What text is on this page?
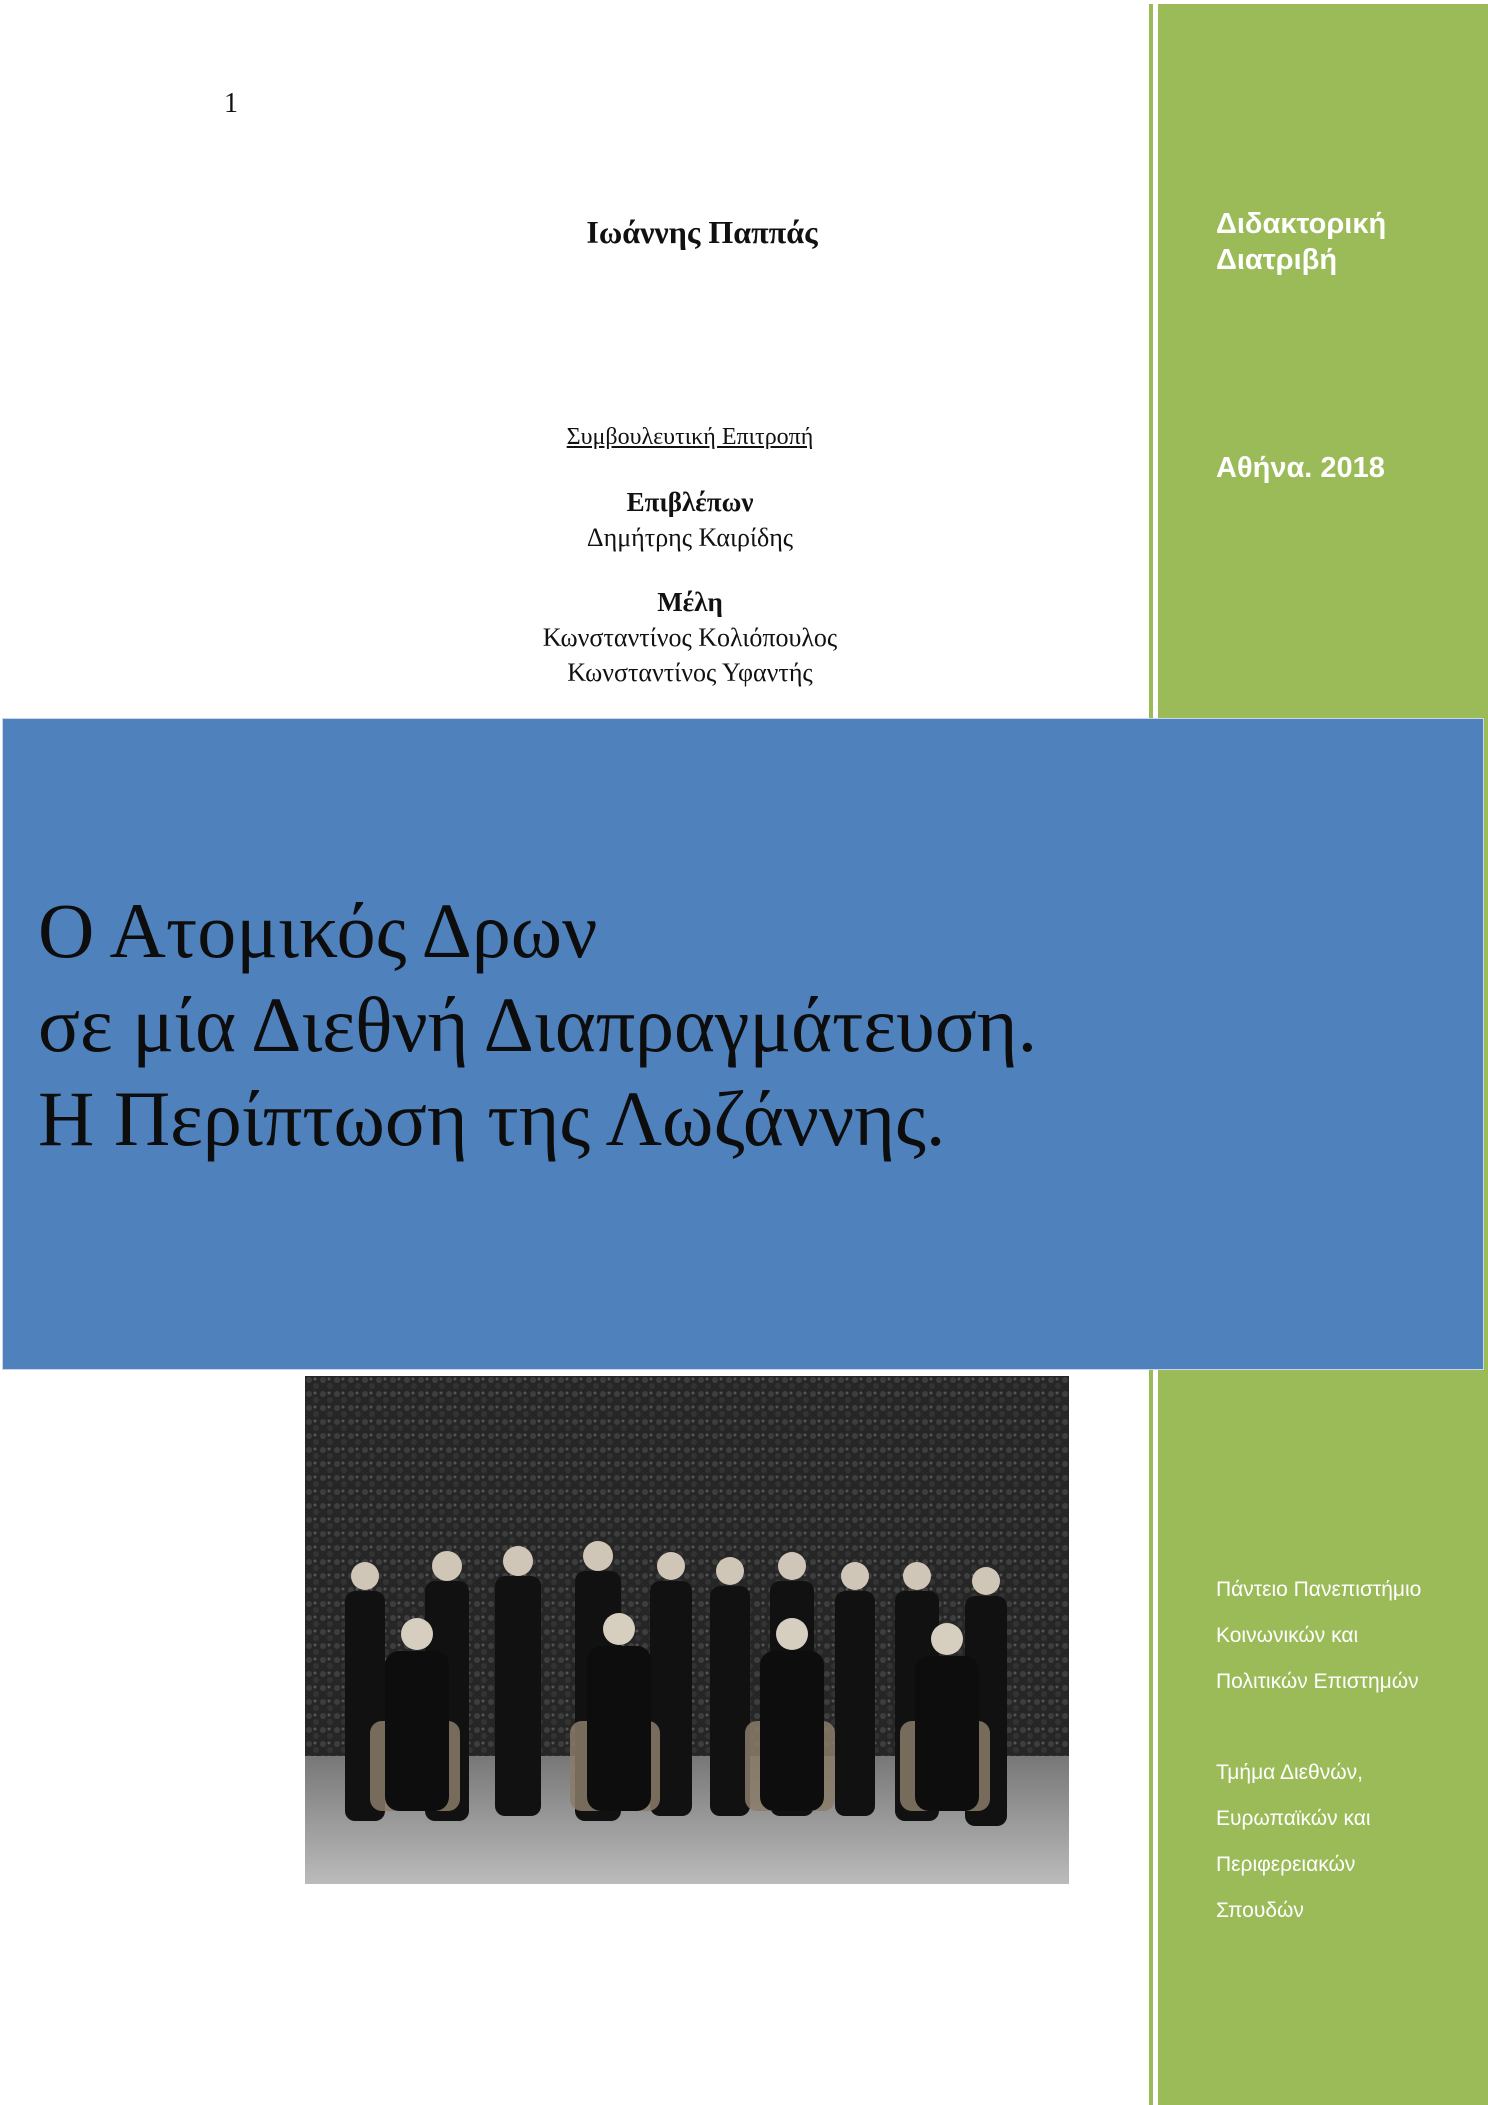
1
Διδακτορική Διατριβή
Αθήνα. 2018
Πάντειο Πανεπιστήμιο
Κοινωνικών και
Πολιτικών Επιστημών
Τμήμα Διεθνών,
Ευρωπαϊκών και
Περιφερειακών
Σπουδών
Ιωάννης Παππάς
Συμβουλευτική Επιτροπή
Επιβλέπων
Δημήτρης Καιρίδης
Μέλη
Κωνσταντίνος Κολιόπουλος
Κωνσταντίνος Υφαντής
Ο Ατομικός Δρων
σε μία Διεθνή Διαπραγμάτευση.
Η Περίπτωση της Λωζάννης.
